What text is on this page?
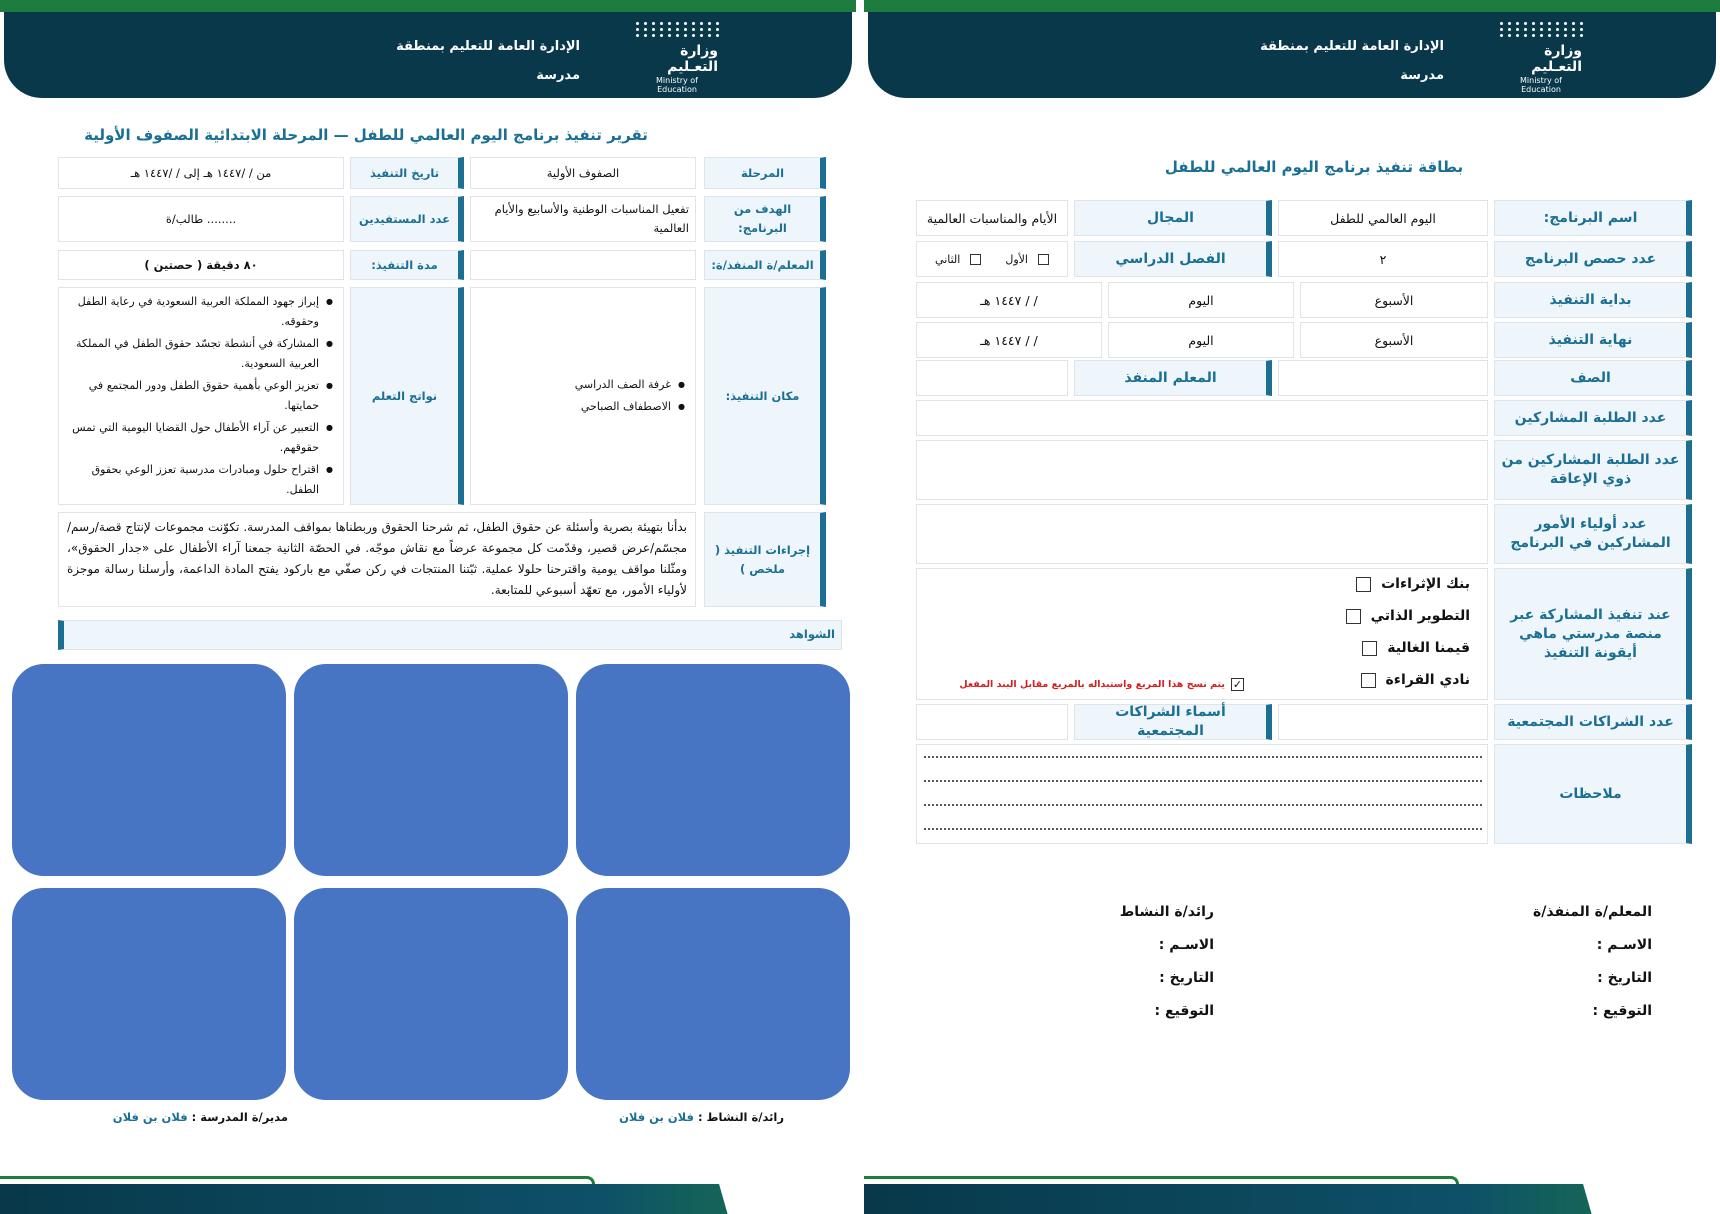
الإدارة العامة للتعليم بمنطقة
مدرسة
وزارة التعـليم
Ministry of Education
تقرير تنفيذ برنامج اليوم العالمي للطفل — المرحلة الابتدائية الصفوف الأولية
المرحلة
الصفوف الأولية
تاريخ التنفيذ
من / /١٤٤٧ هـ إلى / /١٤٤٧ هـ
الهدف من البرنامج:
تفعيل المناسبات الوطنية والأسابيع والأيام العالمية
عدد المستفيدين
........ طالب/ة
المعلم/ة المنفذ/ة:
مدة التنفيذ:
٨٠ دقيقة ( حصتين )
مكان التنفيذ:
● غرفة الصف الدراسي
● الاصطفاف الصباحي
نواتج التعلم
● إبراز جهود المملكة العربية السعودية في رعاية الطفل وحقوقه.
● المشاركة في أنشطة تجسّد حقوق الطفل في المملكة العربية السعودية.
● تعزيز الوعي بأهمية حقوق الطفل ودور المجتمع في حمايتها.
● التعبير عن آراء الأطفال حول القضايا اليومية التي تمس حقوقهم.
● اقتراح حلول ومبادرات مدرسية تعزز الوعي بحقوق الطفل.
إجراءات التنفيذ ( ملخص )
بدأنا بتهيئة بصرية وأسئلة عن حقوق الطفل، ثم شرحنا الحقوق وربطناها بمواقف المدرسة. تكوّنت مجموعات لإنتاج قصة/رسم/مجسّم/عرض قصير، وقدّمت كل مجموعة عرضاً مع نقاش موجّه. في الحصّة الثانية جمعنا آراء الأطفال على «جدار الحقوق»، ومثّلنا مواقف يومية واقترحنا حلولا عملية. ثبّتنا المنتجات في ركن صفّي مع باركود يفتح المادة الداعمة، وأرسلنا رسالة موجزة لأولياء الأمور، مع تعهّد أسبوعي للمتابعة.
الشواهد
رائد/ة النشاط : فلان بن فلان
مدير/ة المدرسة : فلان بن فلان
الإدارة العامة للتعليم بمنطقة
مدرسة
وزارة التعـليم
Ministry of Education
بطاقة تنفيذ برنامج اليوم العالمي للطفل
اسم البرنامج:
اليوم العالمي للطفل
المجال
الأيام والمناسبات العالمية
عدد حصص البرنامج
٢
الفصل الدراسي
الأول
الثاني
بداية التنفيذ
الأسبوع
اليوم
/ / ١٤٤٧ هـ
نهاية التنفيذ
الأسبوع
اليوم
/ / ١٤٤٧ هـ
الصف
المعلم المنفذ
عدد الطلبة المشاركين
عدد الطلبة المشاركين من ذوي الإعاقة
عدد أولياء الأمور المشاركين في البرنامج
عند تنفيذ المشاركة عبر منصة مدرستي ماهي أيقونة التنفيذ
بنك الإثراءات
التطوير الذاتي
قيمنا الغالية
نادي القراءة
✓
يتم نسخ هذا المربع واستبداله بالمربع مقابل البند المفعل
عدد الشراكات المجتمعية
أسماء الشراكات المجتمعية
ملاحظات
المعلم/ة المنفذ/ة
الاسـم :
التاريخ :
التوقيع :
رائد/ة النشاط
الاسـم :
التاريخ :
التوقيع :
